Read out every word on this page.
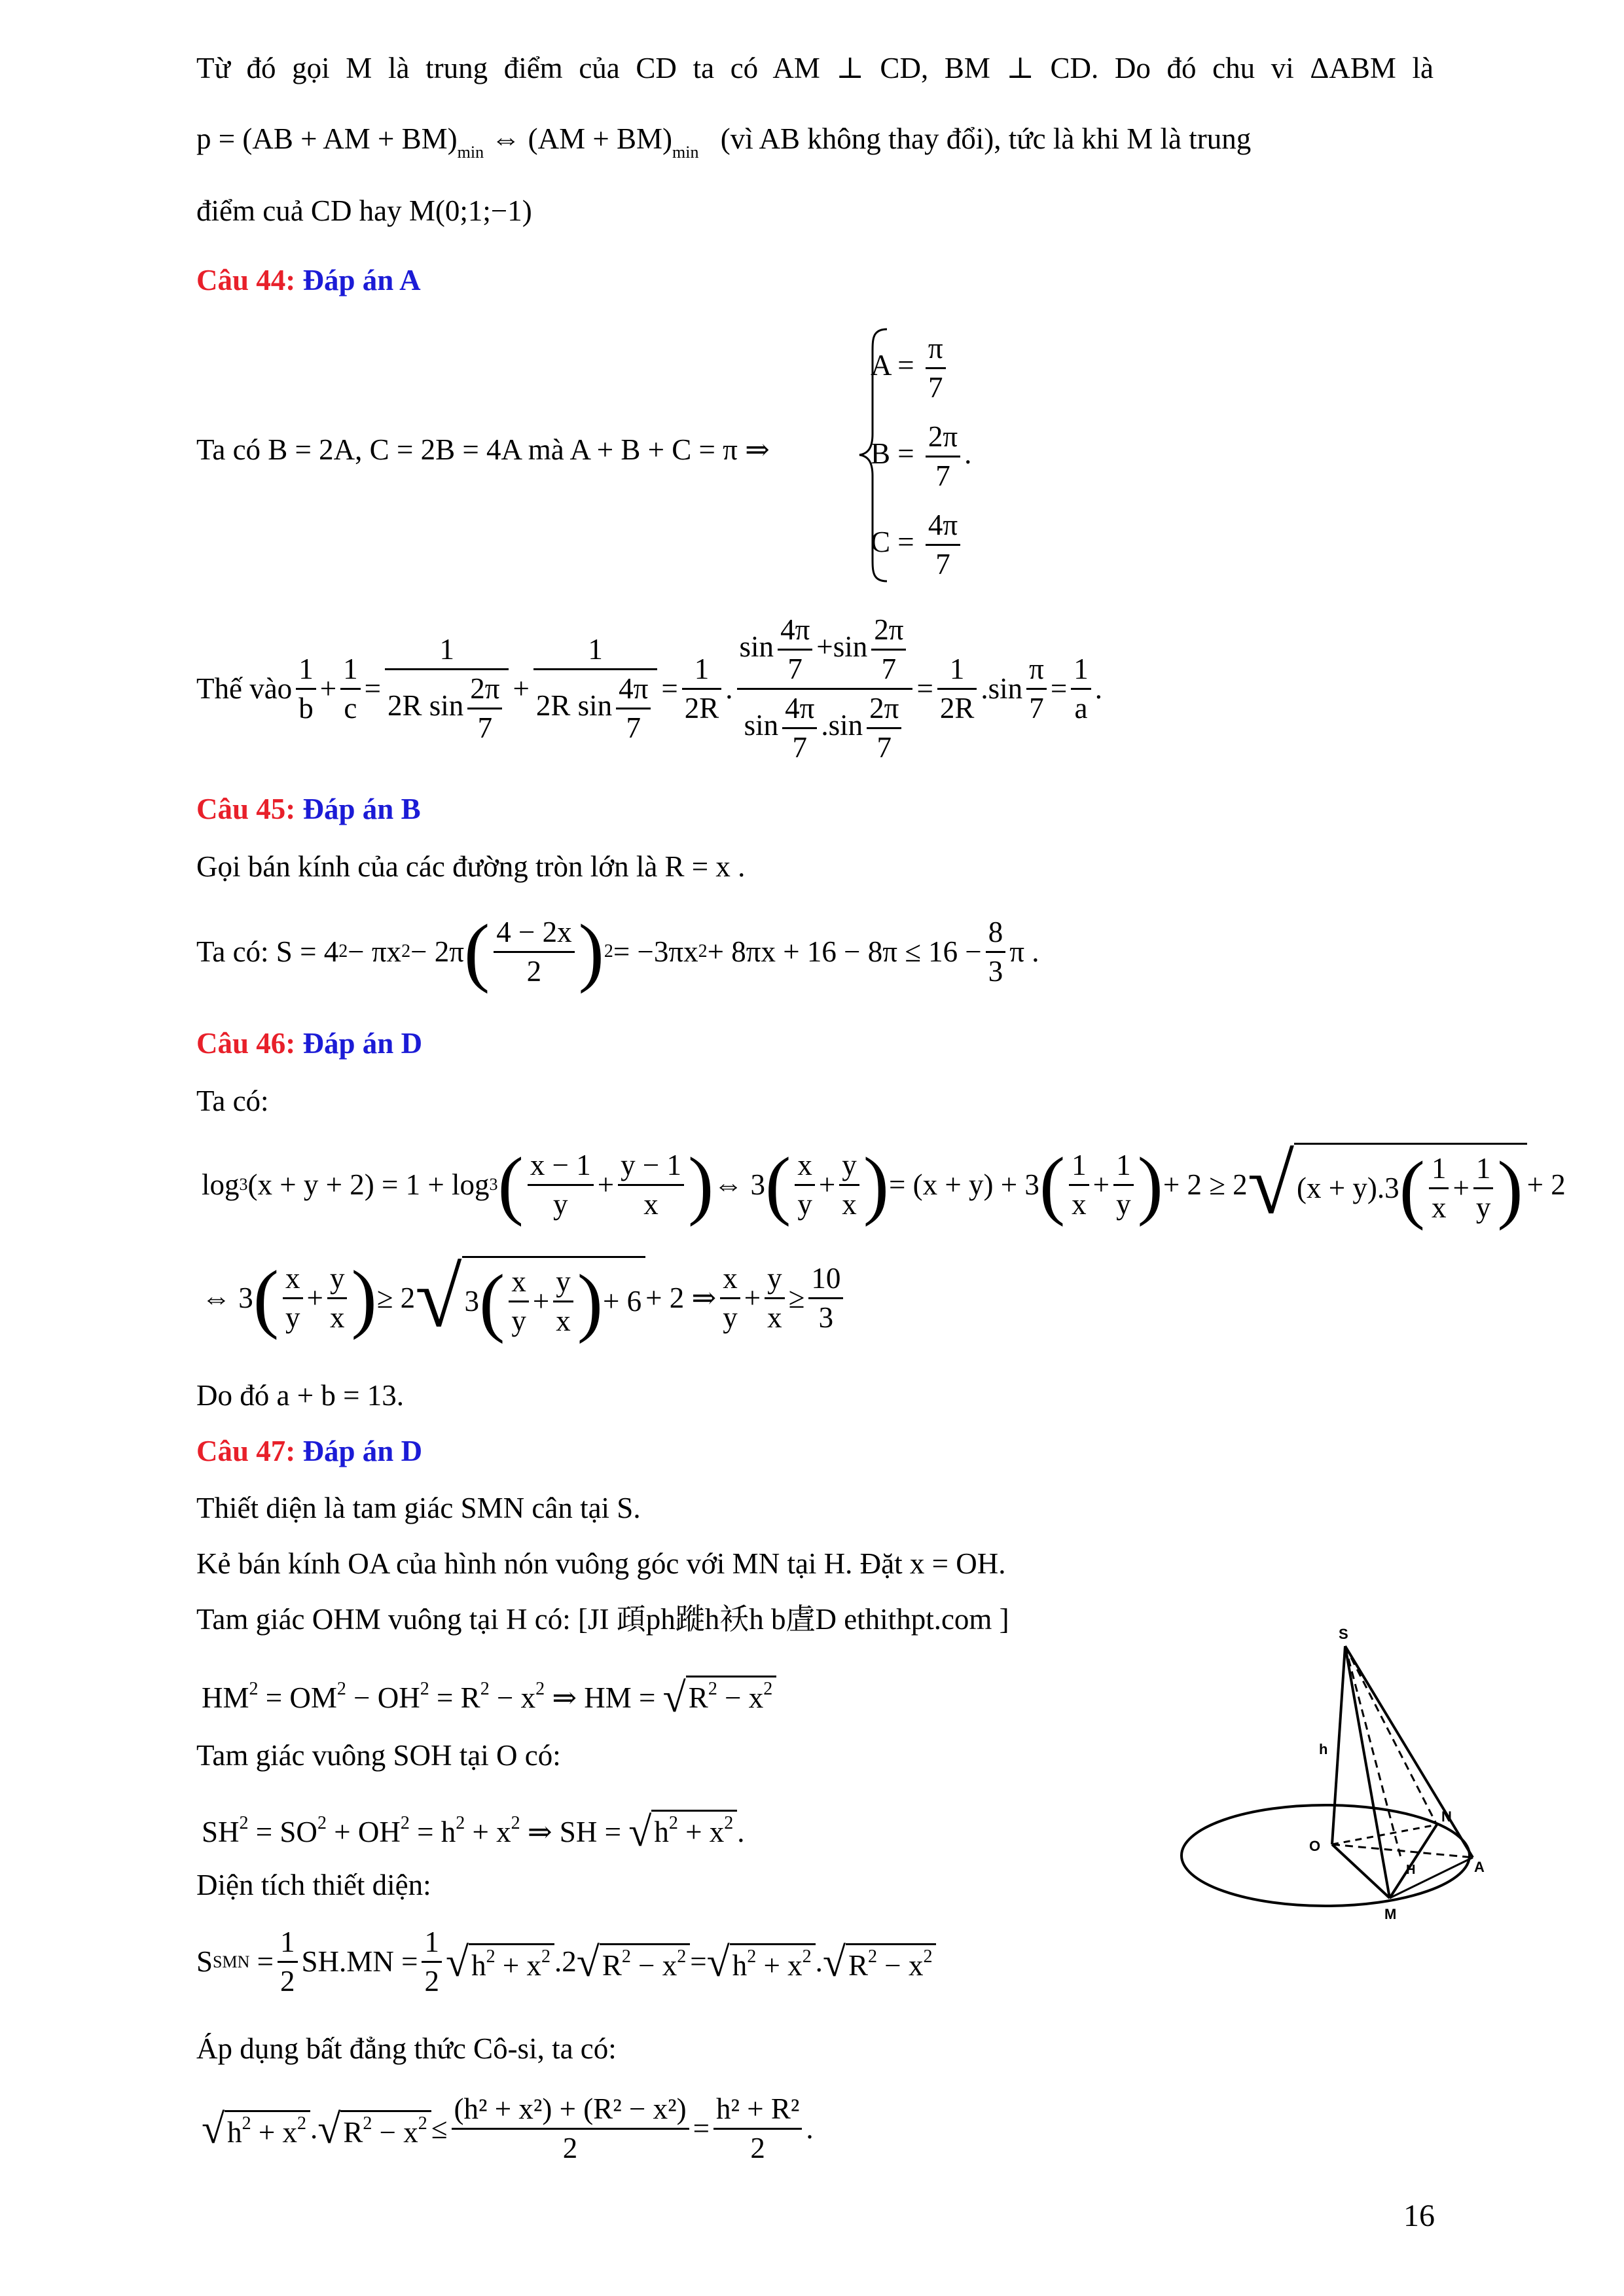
Từ đó gọi M là trung điểm của CD ta có AM ⊥ CD, BM ⊥ CD. Do đó chu vi ΔABM là
p = (AB + AM + $BM)_{min}$ ⇔ $(AM + BM)_{min}$ (vì AB không thay đổi), tức là khi M là trung
điểm cuả CD hay M(0;1;−1)
Câu 44: Đáp án A
Ta có B = 2A, C = 2B = 4A mà A + B + C = π ⇒
$A = \frac{\pi}{7}$
$B = \frac{2\pi}{7}$ .
$C = \frac{4\pi}{7}$
Thế vào $\frac{1}{b} + \frac{1}{c} = \frac{1}{2R \sin \frac{2\pi}{7}} + \frac{1}{2R \sin \frac{4\pi}{7}} = \frac{1}{2R}$ . $\frac{\sin \frac{4\pi}{7} +\sin \frac{2\pi}{7}}{\sin \frac{4\pi}{7} .\sin \frac{2\pi}{7}} = \frac{1}{2R}$ . $\sin \frac{\pi}{7} = \frac{1}{a}$ .
Câu 45: Đáp án B
Gọi bán kính của các đường tròn lớn là R = x .
Ta có: S = 4 2 − πx 2 − 2π ( $\frac{4 - 2x}{2}$ ) 2 = −3πx $2 + 8\pi x + 16 - 8\pi \le 16 - \frac{8}{3}$ π .
Câu 46: Đáp án D
Ta có:
log 3 (x + y + 2) = 1 + log 3 ( $\frac{x - 1}{y} + \frac{y - 1}{x}$ ) ⇔ 3 ( $\frac{x}{y} + \frac{y}{x}$ ) = (x + y) + 3 ( $\frac{1}{x} + \frac{1}{y}$ ) + 2 ≥ 2 √ (x + y).3 ( $\frac{1}{x} + \frac{1}{y}$ ) + 2
⇔ 3 ( $\frac{x}{y} + \frac{y}{x}$ ) ≥ 2 √ 3 ( $\frac{x}{y} + \frac{y}{x}$ ) + 6 + 2 ⇒ $\frac{x}{y} + \frac{y}{x} \ge \frac{10}{3}$
Do đó a + b = 13.
Câu 47: Đáp án D
Thiết diện là tam giác SMN cân tại S.
Kẻ bán kính OA của hình nón vuông góc với MN tại H. Đặt x = OH.
Tam giác OHM vuông tại H có: [JI 頙ph蹝h袄h b虘D ethithpt.com ]
$HM^2 = OM^2 - OH^2 = R^2 - x^2$ ⇒ HM = $√R^2 - x^2$
Tam giác vuông SOH tại O có:
$SH^2 = SO^2 + OH^2 = h^2 + x^2$ ⇒ SH = $√h^2 + x^2$ .
Diện tích thiết diện:
S SMN = $\frac{1}{2} SH.MN = \frac{1}{2}$ √ $h^2 + x^2$ .2 √ $R^2 - x^2$ = √ $h^2 + x^2$ . √ $R^2 - x^2$
Áp dụng bất đẳng thức Cô-si, ta có:
√ $h^2 + x^2$ . √ $R^2 - x^2 \le \frac{\text{(h² + x²) + (R² − x²)}}{2} = \frac{\text{h² + R²}}{2}$ .
S
h
O
N
H	A
M
16
